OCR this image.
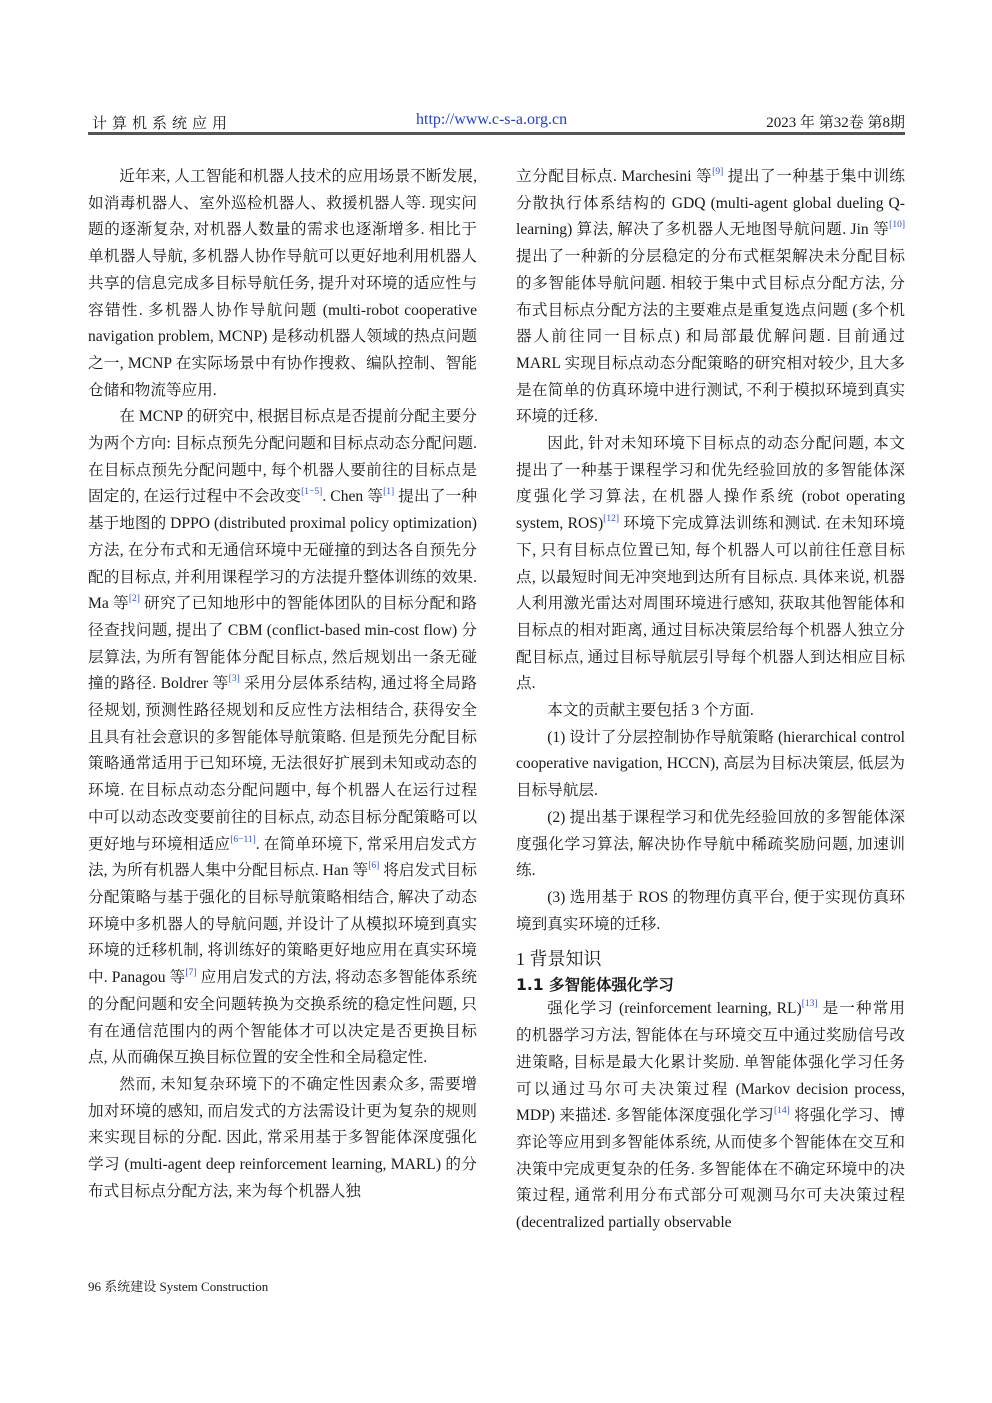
计算机系统应用	http://www.c-s-a.org.cn	2023 年 第32卷 第8期

近年来, 人工智能和机器人技术的应用场景不断发展, 如消毒机器人、室外巡检机器人、救援机器人等. 现实问题的逐渐复杂, 对机器人数量的需求也逐渐增多. 相比于单机器人导航, 多机器人协作导航可以更好地利用机器人共享的信息完成多目标导航任务, 提升对环境的适应性与容错性. 多机器人协作导航问题 (multi-robot cooperative navigation problem, MCNP) 是移动机器人领域的热点问题之一, MCNP 在实际场景中有协作搜救、编队控制、智能仓储和物流等应用.

在 MCNP 的研究中, 根据目标点是否提前分配主要分为两个方向: 目标点预先分配问题和目标点动态分配问题. 在目标点预先分配问题中, 每个机器人要前往的目标点是固定的, 在运行过程中不会改变[1−5]. Chen 等[1] 提出了一种基于地图的 DPPO (distributed proximal policy optimization) 方法, 在分布式和无通信环境中无碰撞的到达各自预先分配的目标点, 并利用课程学习的方法提升整体训练的效果. Ma 等[2] 研究了已知地形中的智能体团队的目标分配和路径查找问题, 提出了 CBM (conflict-based min-cost flow) 分层算法, 为所有智能体分配目标点, 然后规划出一条无碰撞的路径. Boldrer 等[3] 采用分层体系结构, 通过将全局路径规划, 预测性路径规划和反应性方法相结合, 获得安全且具有社会意识的多智能体导航策略. 但是预先分配目标策略通常适用于已知环境, 无法很好扩展到未知或动态的环境. 在目标点动态分配问题中, 每个机器人在运行过程中可以动态改变要前往的目标点, 动态目标分配策略可以更好地与环境相适应[6−11]. 在简单环境下, 常采用启发式方法, 为所有机器人集中分配目标点. Han 等[6] 将启发式目标分配策略与基于强化的目标导航策略相结合, 解决了动态环境中多机器人的导航问题, 并设计了从模拟环境到真实环境的迁移机制, 将训练好的策略更好地应用在真实环境中. Panagou 等[7] 应用启发式的方法, 将动态多智能体系统的分配问题和安全问题转换为交换系统的稳定性问题, 只有在通信范围内的两个智能体才可以决定是否更换目标点, 从而确保互换目标位置的安全性和全局稳定性.

然而, 未知复杂环境下的不确定性因素众多, 需要增加对环境的感知, 而启发式的方法需设计更为复杂的规则来实现目标的分配. 因此, 常采用基于多智能体深度强化学习 (multi-agent deep reinforcement learning, MARL) 的分布式目标点分配方法, 来为每个机器人独

立分配目标点. Marchesini 等[9] 提出了一种基于集中训练分散执行体系结构的 GDQ (multi-agent global dueling Q-learning) 算法, 解决了多机器人无地图导航问题. Jin 等[10] 提出了一种新的分层稳定的分布式框架解决未分配目标的多智能体导航问题. 相较于集中式目标点分配方法, 分布式目标点分配方法的主要难点是重复选点问题 (多个机器人前往同一目标点) 和局部最优解问题. 目前通过 MARL 实现目标点动态分配策略的研究相对较少, 且大多是在简单的仿真环境中进行测试, 不利于模拟环境到真实环境的迁移.

因此, 针对未知环境下目标点的动态分配问题, 本文提出了一种基于课程学习和优先经验回放的多智能体深度强化学习算法, 在机器人操作系统 (robot operating system, ROS)[12] 环境下完成算法训练和测试. 在未知环境下, 只有目标点位置已知, 每个机器人可以前往任意目标点, 以最短时间无冲突地到达所有目标点. 具体来说, 机器人利用激光雷达对周围环境进行感知, 获取其他智能体和目标点的相对距离, 通过目标决策层给每个机器人独立分配目标点, 通过目标导航层引导每个机器人到达相应目标点.

本文的贡献主要包括 3 个方面.

(1) 设计了分层控制协作导航策略 (hierarchical control cooperative navigation, HCCN), 高层为目标决策层, 低层为目标导航层.

(2) 提出基于课程学习和优先经验回放的多智能体深度强化学习算法, 解决协作导航中稀疏奖励问题, 加速训练.

(3) 选用基于 ROS 的物理仿真平台, 便于实现仿真环境到真实环境的迁移.

1 背景知识
1.1 多智能体强化学习

强化学习 (reinforcement learning, RL)[13] 是一种常用的机器学习方法, 智能体在与环境交互中通过奖励信号改进策略, 目标是最大化累计奖励. 单智能体强化学习任务可以通过马尔可夫决策过程 (Markov decision process, MDP) 来描述. 多智能体深度强化学习[14] 将强化学习、博弈论等应用到多智能体系统, 从而使多个智能体在交互和决策中完成更复杂的任务. 多智能体在不确定环境中的决策过程, 通常利用分布式部分可观测马尔可夫决策过程 (decentralized partially observable

96 系统建设 System Construction
